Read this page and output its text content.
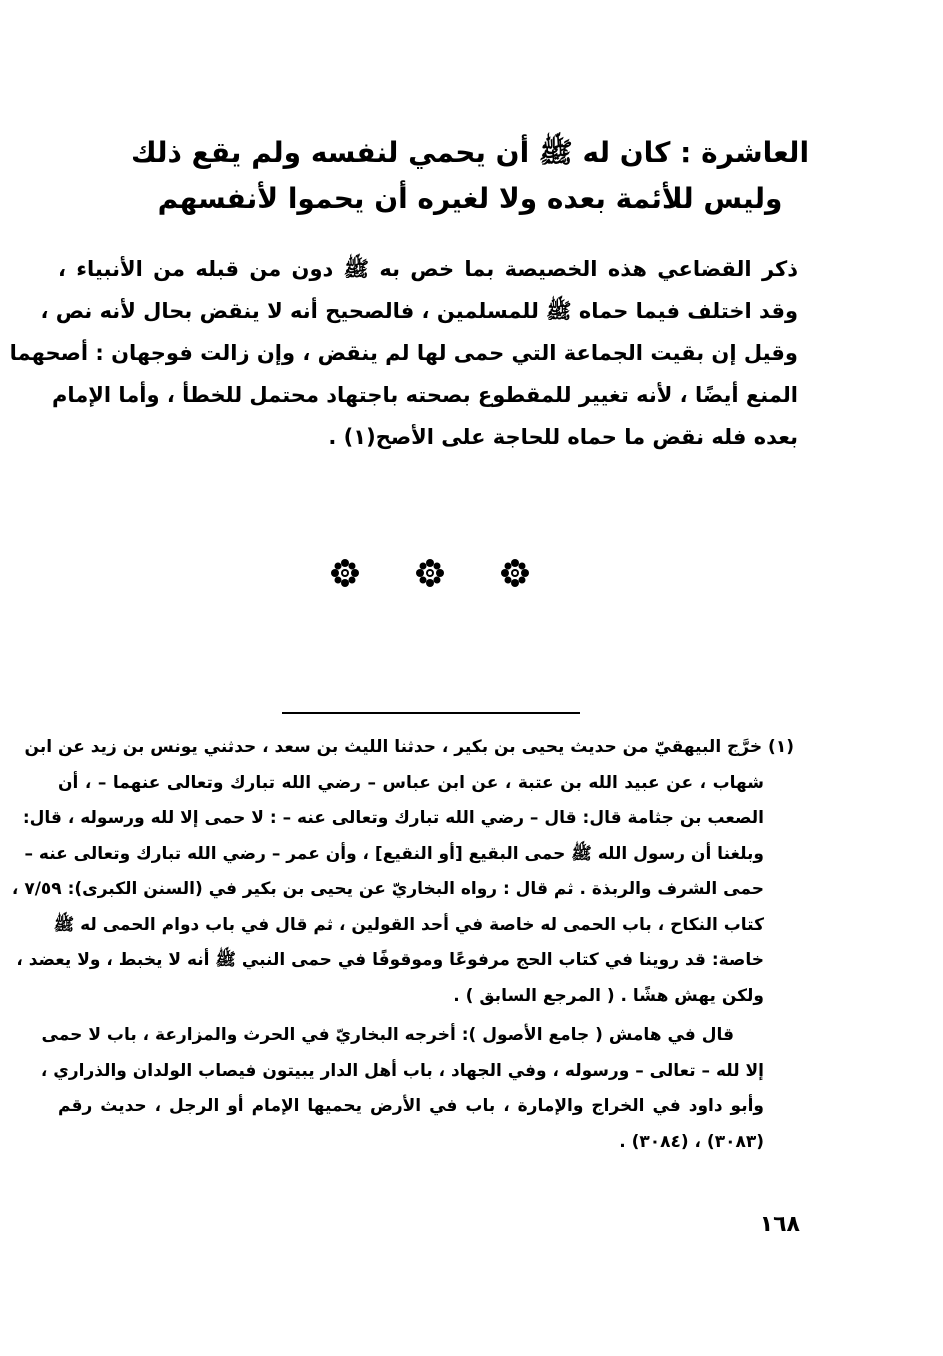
العاشرة : كان له ﷺ أن يحمي لنفسه ولم يقع ذلك
وليس للأئمة بعده ولا لغيره أن يحموا لأنفسهم
ذكر القضاعي هذه الخصيصة بما خص به ﷺ دون من قبله من الأنبياء ،
وقد اختلف فيما حماه ﷺ للمسلمين ، فالصحيح أنه لا ينقض بحال لأنه نص ،
وقيل إن بقيت الجماعة التي حمى لها لم ينقض ، وإن زالت فوجهان : أصحهما
المنع أيضًا ، لأنه تغيير للمقطوع بصحته باجتهاد محتمل للخطأ ، وأما الإمام
بعده فله نقض ما حماه للحاجة على الأصح(١) .
(١) خرَّج البيهقيّ من حديث يحيى بن بكير ، حدثنا الليث بن سعد ، حدثني يونس بن زيد عن ابن
شهاب ، عن عبيد الله بن عتبة ، عن ابن عباس – رضي الله تبارك وتعالى عنهما – ، أن
الصعب بن جثامة قال: قال – رضي الله تبارك وتعالى عنه – : لا حمى إلا لله ورسوله ، قال:
وبلغنا أن رسول الله ﷺ حمى البقيع [أو النقيع] ، وأن عمر – رضي الله تبارك وتعالى عنه –
حمى الشرف والربذة . ثم قال : رواه البخاريّ عن يحيى بن بكير في (السنن الكبرى): ٧/٥٩ ،
كتاب النكاح ، باب الحمى له خاصة في أحد القولين ، ثم قال في باب دوام الحمى له ﷺ
خاصة: قد روينا في كتاب الحج مرفوعًا وموقوفًا في حمى النبي ﷺ أنه لا يخبط ، ولا يعضد ،
ولكن يهش هشًا . ( المرجع السابق ) .
قال في هامش ( جامع الأصول ): أخرجه البخاريّ في الحرث والمزارعة ، باب لا حمى
إلا لله – تعالى – ورسوله ، وفي الجهاد ، باب أهل الدار يبيتون فيصاب الولدان والذراري ،
وأبو داود في الخراج والإمارة ، باب في الأرض يحميها الإمام أو الرجل ، حديث رقم
(٣٠٨٣) ، (٣٠٨٤) .
١٦٨
